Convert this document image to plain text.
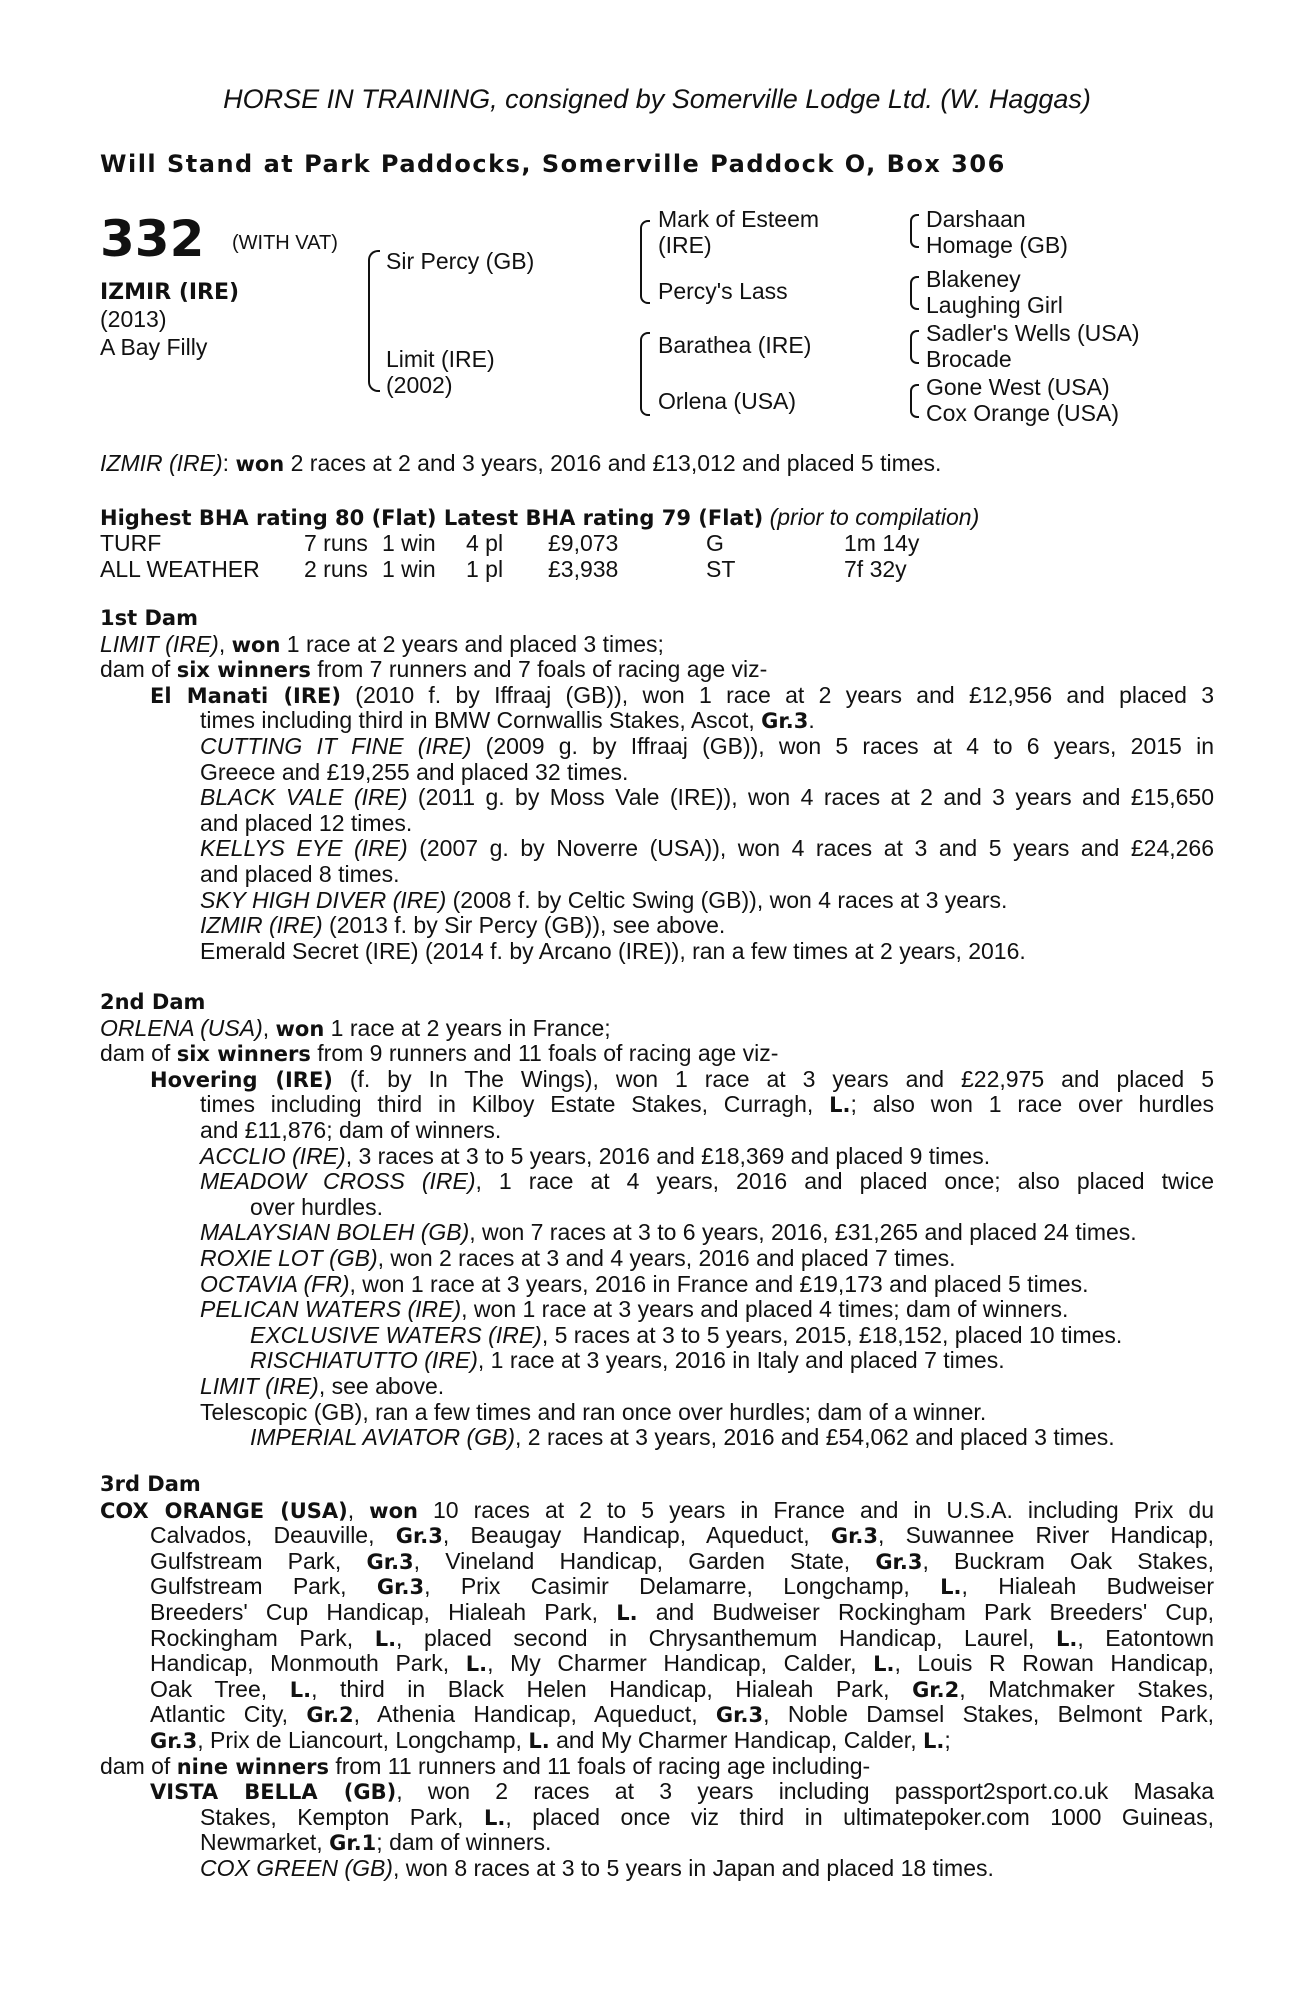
HORSE IN TRAINING, consigned by Somerville Lodge Ltd. (W. Haggas)
Will Stand at Park Paddocks, Somerville Paddock O, Box 306
332 (WITH VAT)
IZMIR (IRE)
(2013)
A Bay Filly
Sir Percy (GB)
Limit (IRE)
(2002)
Mark of Esteem
(IRE)
Percy's Lass
Barathea (IRE)
Orlena (USA)
Darshaan
Homage (GB)
Blakeney
Laughing Girl
Sadler's Wells (USA)
Brocade
Gone West (USA)
Cox Orange (USA)
IZMIR (IRE): won 2 races at 2 and 3 years, 2016 and £13,012 and placed 5 times.
Highest BHA rating 80 (Flat) Latest BHA rating 79 (Flat) (prior to compilation)
TURF	7 runs 1 win 4 pl £9,073	G	1m 14y
ALL WEATHER 2 runs 1 win 1 pl £3,938	ST	7f 32y
1st Dam
LIMIT (IRE), won 1 race at 2 years and placed 3 times;
dam of six winners from 7 runners and 7 foals of racing age viz-
El Manati (IRE) (2010 f. by Iffraaj (GB)), won 1 race at 2 years and £12,956 and placed 3
times including third in BMW Cornwallis Stakes, Ascot, Gr.3.
CUTTING IT FINE (IRE) (2009 g. by Iffraaj (GB)), won 5 races at 4 to 6 years, 2015 in
Greece and £19,255 and placed 32 times.
BLACK VALE (IRE) (2011 g. by Moss Vale (IRE)), won 4 races at 2 and 3 years and £15,650
and placed 12 times.
KELLYS EYE (IRE) (2007 g. by Noverre (USA)), won 4 races at 3 and 5 years and £24,266
and placed 8 times.
SKY HIGH DIVER (IRE) (2008 f. by Celtic Swing (GB)), won 4 races at 3 years.
IZMIR (IRE) (2013 f. by Sir Percy (GB)), see above.
Emerald Secret (IRE) (2014 f. by Arcano (IRE)), ran a few times at 2 years, 2016.
2nd Dam
ORLENA (USA), won 1 race at 2 years in France;
dam of six winners from 9 runners and 11 foals of racing age viz-
Hovering (IRE) (f. by In The Wings), won 1 race at 3 years and £22,975 and placed 5
times including third in Kilboy Estate Stakes, Curragh, L.; also won 1 race over hurdles
and £11,876; dam of winners.
ACCLIO (IRE), 3 races at 3 to 5 years, 2016 and £18,369 and placed 9 times.
MEADOW CROSS (IRE), 1 race at 4 years, 2016 and placed once; also placed twice
over hurdles.
MALAYSIAN BOLEH (GB), won 7 races at 3 to 6 years, 2016, £31,265 and placed 24 times.
ROXIE LOT (GB), won 2 races at 3 and 4 years, 2016 and placed 7 times.
OCTAVIA (FR), won 1 race at 3 years, 2016 in France and £19,173 and placed 5 times.
PELICAN WATERS (IRE), won 1 race at 3 years and placed 4 times; dam of winners.
EXCLUSIVE WATERS (IRE), 5 races at 3 to 5 years, 2015, £18,152, placed 10 times.
RISCHIATUTTO (IRE), 1 race at 3 years, 2016 in Italy and placed 7 times.
LIMIT (IRE), see above.
Telescopic (GB), ran a few times and ran once over hurdles; dam of a winner.
IMPERIAL AVIATOR (GB), 2 races at 3 years, 2016 and £54,062 and placed 3 times.
3rd Dam
COX ORANGE (USA), won 10 races at 2 to 5 years in France and in U.S.A. including Prix du
Calvados, Deauville, Gr.3, Beaugay Handicap, Aqueduct, Gr.3, Suwannee River Handicap,
Gulfstream Park, Gr.3, Vineland Handicap, Garden State, Gr.3, Buckram Oak Stakes,
Gulfstream Park, Gr.3, Prix Casimir Delamarre, Longchamp, L., Hialeah Budweiser
Breeders' Cup Handicap, Hialeah Park, L. and Budweiser Rockingham Park Breeders' Cup,
Rockingham Park, L., placed second in Chrysanthemum Handicap, Laurel, L., Eatontown
Handicap, Monmouth Park, L., My Charmer Handicap, Calder, L., Louis R Rowan Handicap,
Oak Tree, L., third in Black Helen Handicap, Hialeah Park, Gr.2, Matchmaker Stakes,
Atlantic City, Gr.2, Athenia Handicap, Aqueduct, Gr.3, Noble Damsel Stakes, Belmont Park,
Gr.3, Prix de Liancourt, Longchamp, L. and My Charmer Handicap, Calder, L.;
dam of nine winners from 11 runners and 11 foals of racing age including-
VISTA BELLA (GB), won 2 races at 3 years including passport2sport.co.uk Masaka
Stakes, Kempton Park, L., placed once viz third in ultimatepoker.com 1000 Guineas,
Newmarket, Gr.1; dam of winners.
COX GREEN (GB), won 8 races at 3 to 5 years in Japan and placed 18 times.
